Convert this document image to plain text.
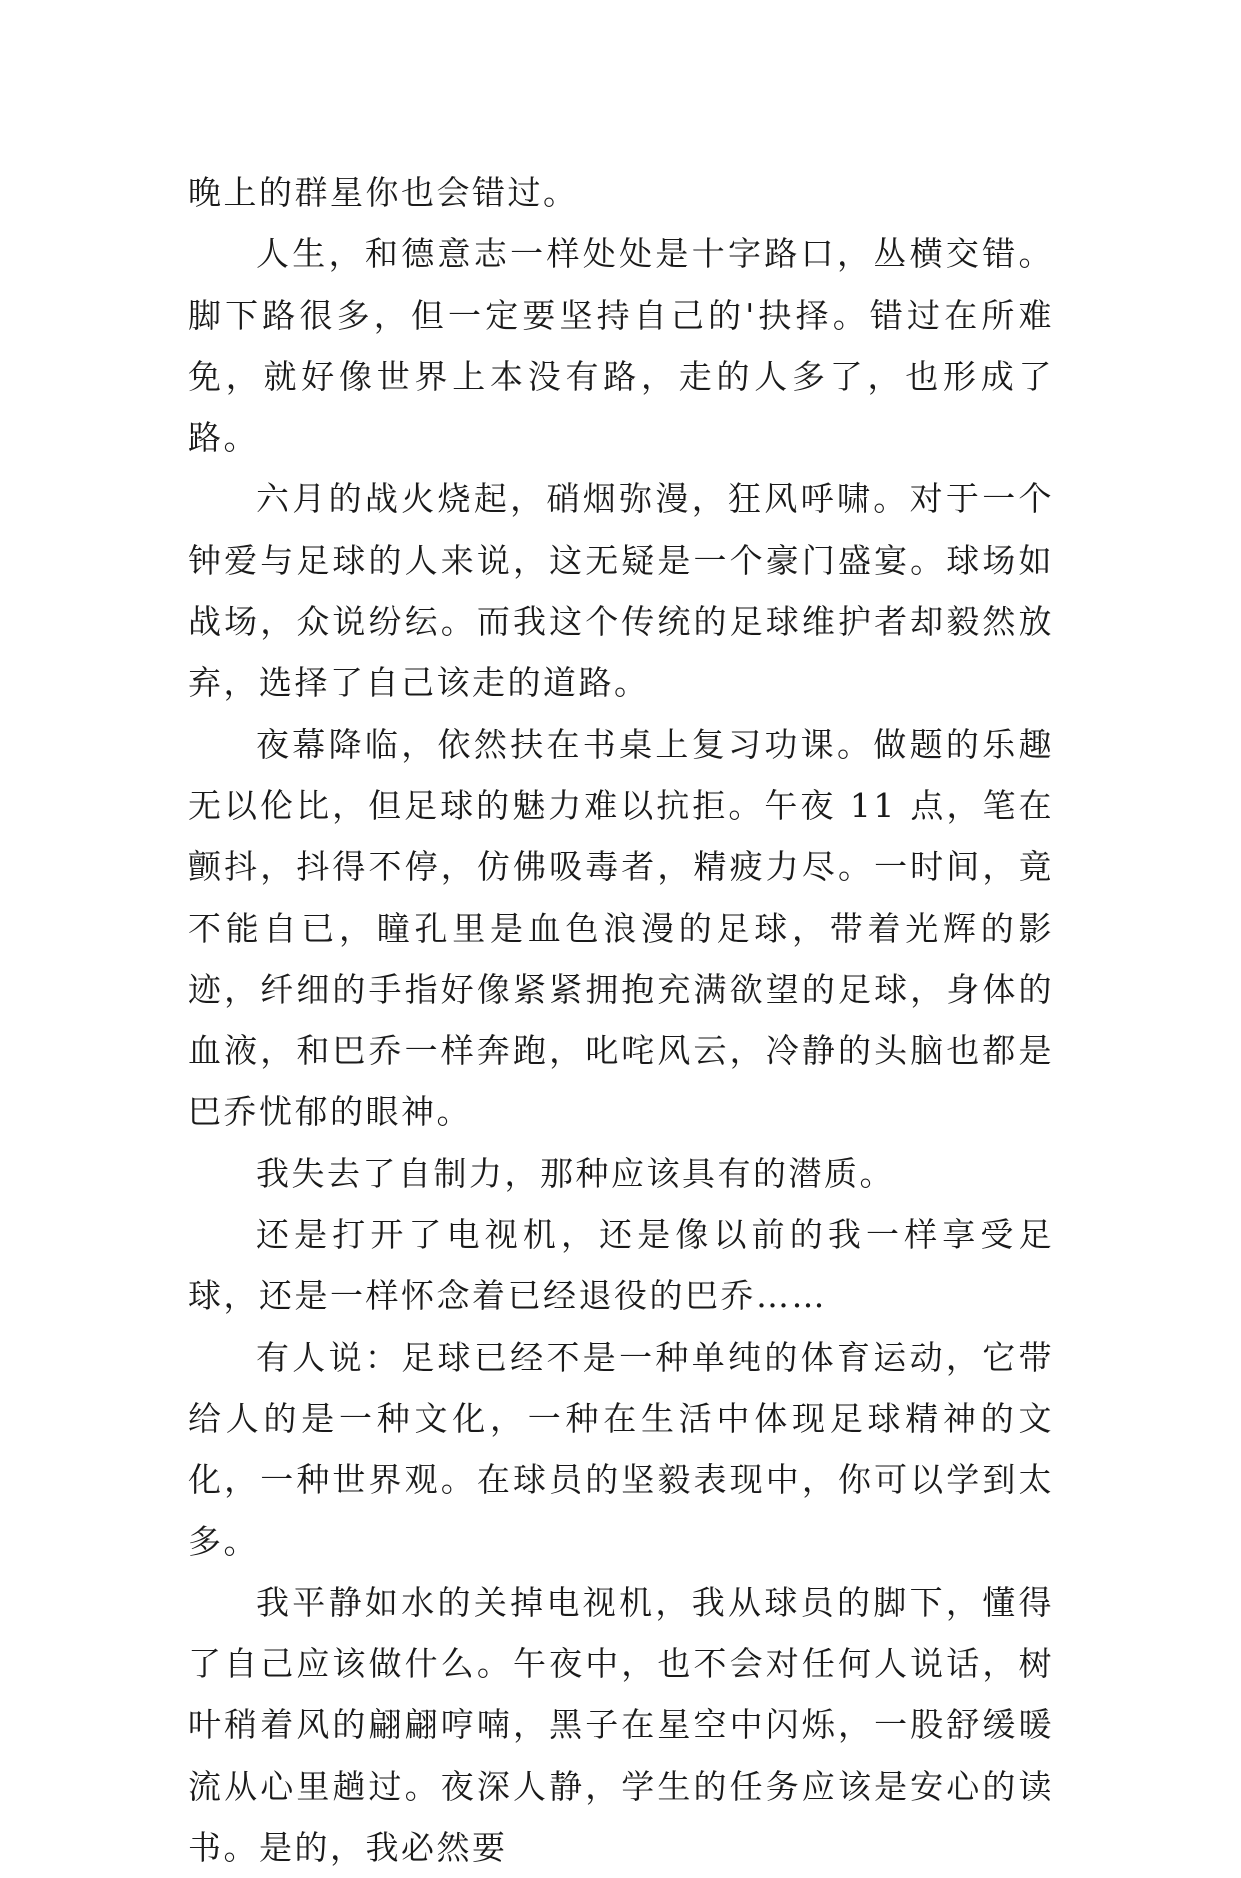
晚上的群星你也会错过。

人生，和德意志一样处处是十字路口，丛横交错。脚下路很多，但一定要坚持自己的'抉择。错过在所难免，就好像世界上本没有路，走的人多了，也形成了路。

六月的战火烧起，硝烟弥漫，狂风呼啸。对于一个钟爱与足球的人来说，这无疑是一个豪门盛宴。球场如战场，众说纷纭。而我这个传统的足球维护者却毅然放弃，选择了自己该走的道路。

夜幕降临，依然扶在书桌上复习功课。做题的乐趣无以伦比，但足球的魅力难以抗拒。午夜 11 点，笔在颤抖，抖得不停，仿佛吸毒者，精疲力尽。一时间，竟不能自已，瞳孔里是血色浪漫的足球，带着光辉的影迹，纤细的手指好像紧紧拥抱充满欲望的足球，身体的血液，和巴乔一样奔跑，叱咤风云，冷静的头脑也都是巴乔忧郁的眼神。

我失去了自制力，那种应该具有的潜质。

还是打开了电视机，还是像以前的我一样享受足球，还是一样怀念着已经退役的巴乔……

有人说：足球已经不是一种单纯的体育运动，它带给人的是一种文化，一种在生活中体现足球精神的文化，一种世界观。在球员的坚毅表现中，你可以学到太多。

我平静如水的关掉电视机，我从球员的脚下，懂得了自己应该做什么。午夜中，也不会对任何人说话，树叶稍着风的翩翩哼喃，黑子在星空中闪烁，一股舒缓暖流从心里趟过。夜深人静，学生的任务应该是安心的读书。是的，我必然要
